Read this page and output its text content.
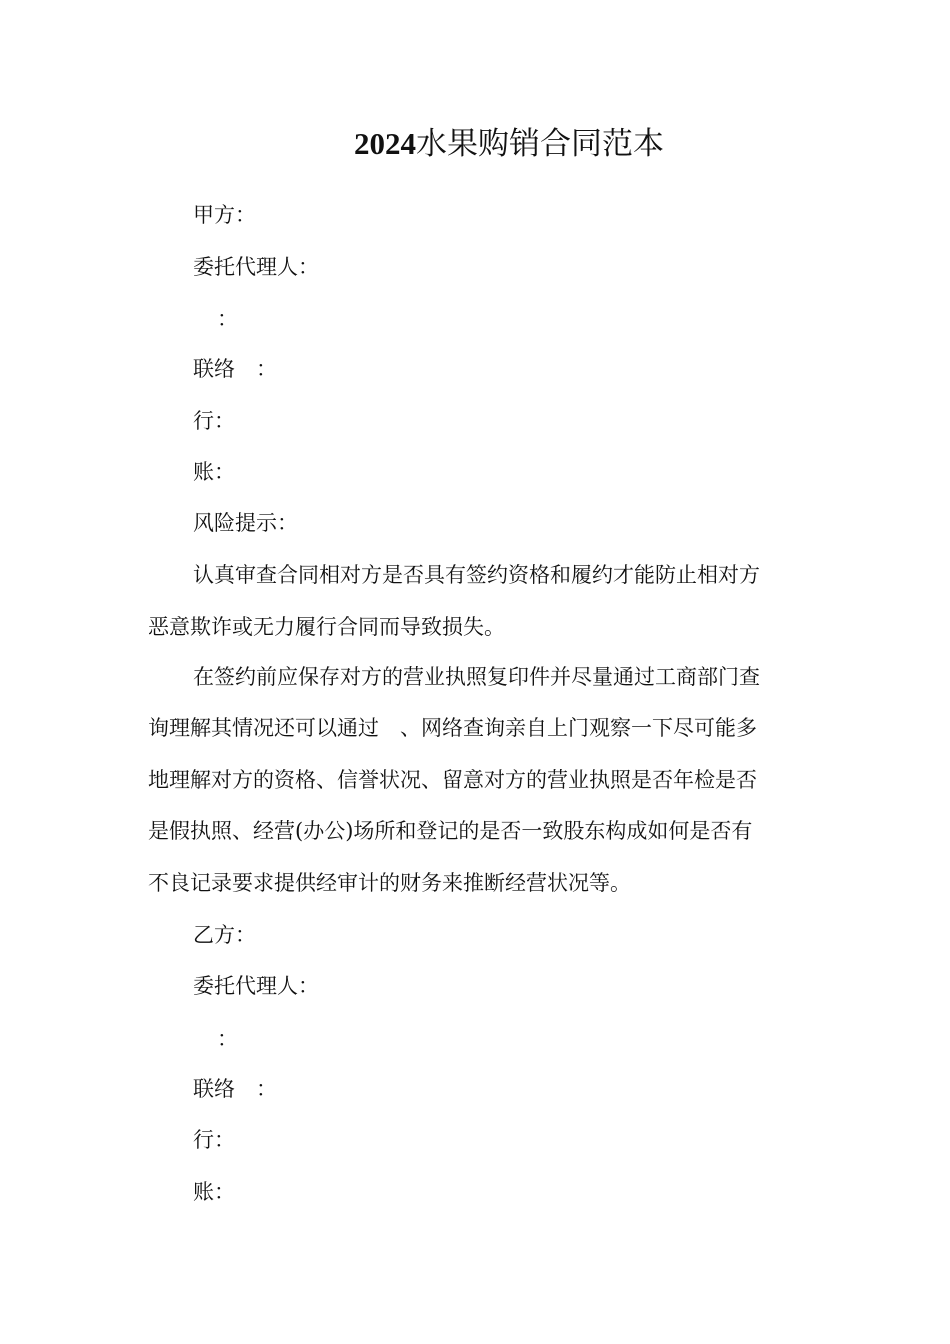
2024水果购销合同范本

甲方：

委托代理人：

：

联络　：

行：

账：

风险提示：

认真审查合同相对方是否具有签约资格和履约才能防止相对方

恶意欺诈或无力履行合同而导致损失。

在签约前应保存对方的营业执照复印件并尽量通过工商部门查

询理解其情况还可以通过　、网络查询亲自上门观察一下尽可能多

地理解对方的资格、信誉状况、留意对方的营业执照是否年检是否

是假执照、经营(办公)场所和登记的是否一致股东构成如何是否有

不良记录要求提供经审计的财务来推断经营状况等。

乙方：

委托代理人：

：

联络　：

行：

账：
